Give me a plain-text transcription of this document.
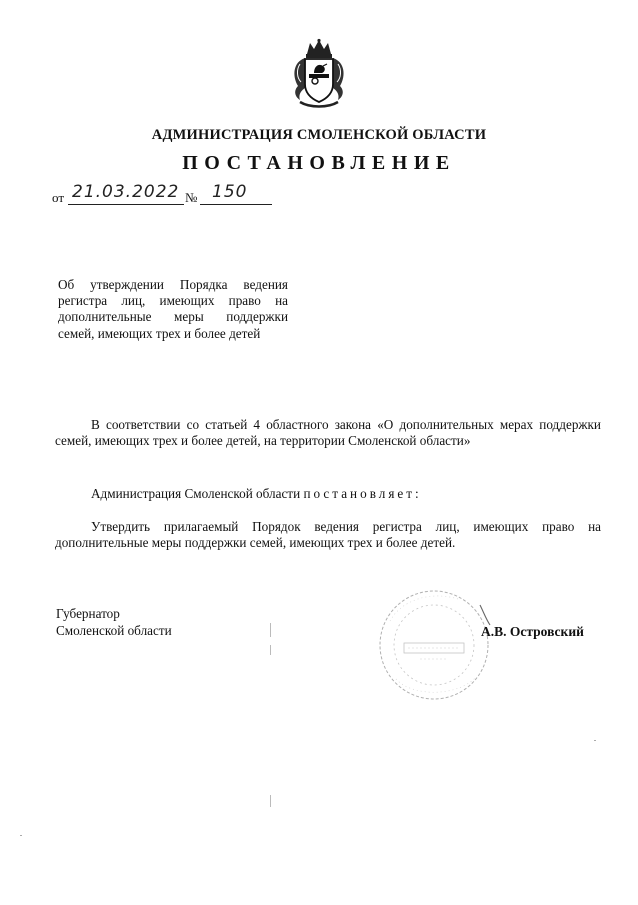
АДМИНИСТРАЦИЯ СМОЛЕНСКОЙ ОБЛАСТИ
ПОСТАНОВЛЕНИЕ
от 21.03.2022 № 150
Об утверждении Порядка ведения регистра лиц, имеющих право на дополнительные меры поддержки семей, имеющих трех и более детей
В соответствии со статьей 4 областного закона «О дополнительных мерах поддержки семей, имеющих трех и более детей, на территории Смоленской области»
Администрация Смоленской области постановляет:
Утвердить прилагаемый Порядок ведения регистра лиц, имеющих право на дополнительные меры поддержки семей, имеющих трех и более детей.
Губернатор
Смоленской области	А.В. Островский
